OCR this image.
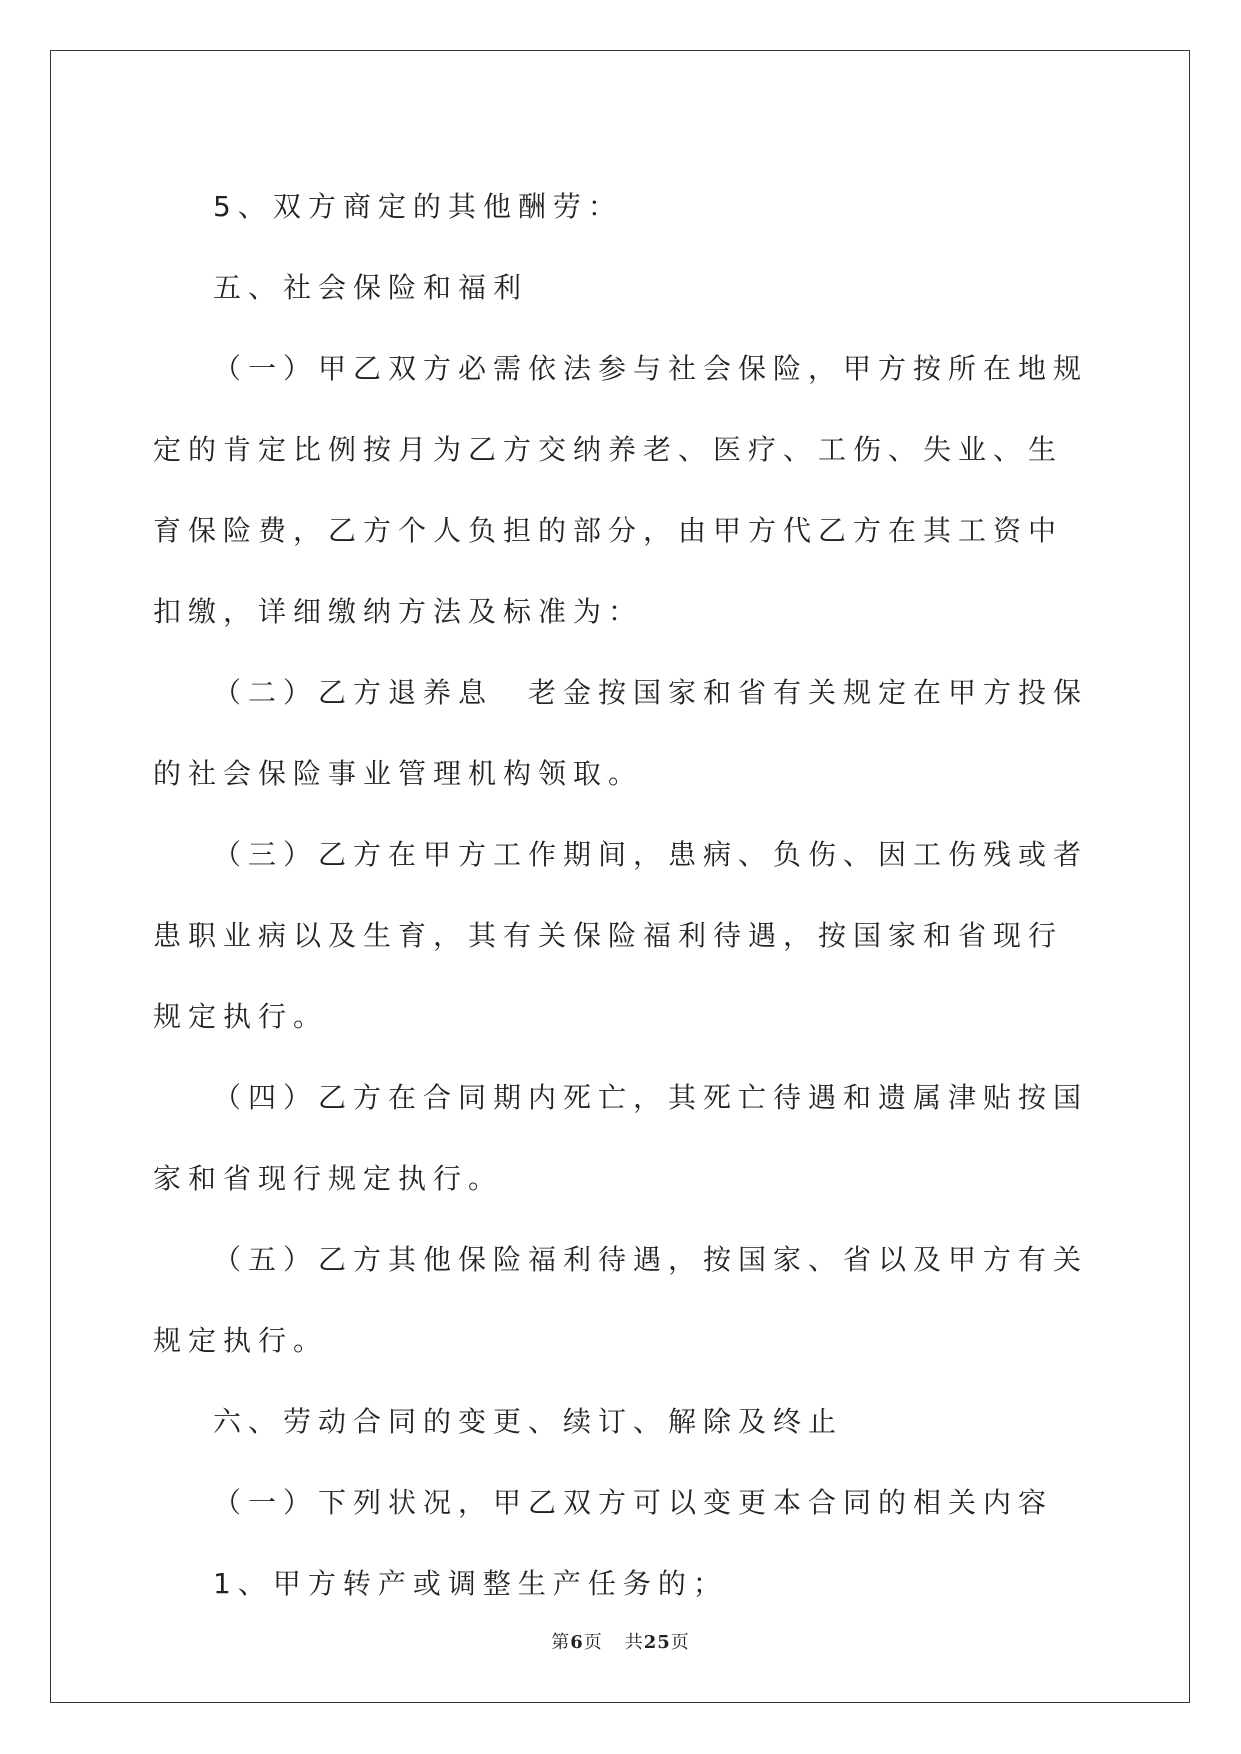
5、双方商定的其他酬劳：

五、社会保险和福利

（一）甲乙双方必需依法参与社会保险，甲方按所在地规定的肯定比例按月为乙方交纳养老、医疗、工伤、失业、生育保险费，乙方个人负担的部分，由甲方代乙方在其工资中扣缴，详细缴纳方法及标准为：

（二）乙方退养息　老金按国家和省有关规定在甲方投保的社会保险事业管理机构领取。

（三）乙方在甲方工作期间，患病、负伤、因工伤残或者患职业病以及生育，其有关保险福利待遇，按国家和省现行规定执行。

（四）乙方在合同期内死亡，其死亡待遇和遗属津贴按国家和省现行规定执行。

（五）乙方其他保险福利待遇，按国家、省以及甲方有关规定执行。

六、劳动合同的变更、续订、解除及终止

（一）下列状况，甲乙双方可以变更本合同的相关内容

1、甲方转产或调整生产任务的；

第6页 共25页
